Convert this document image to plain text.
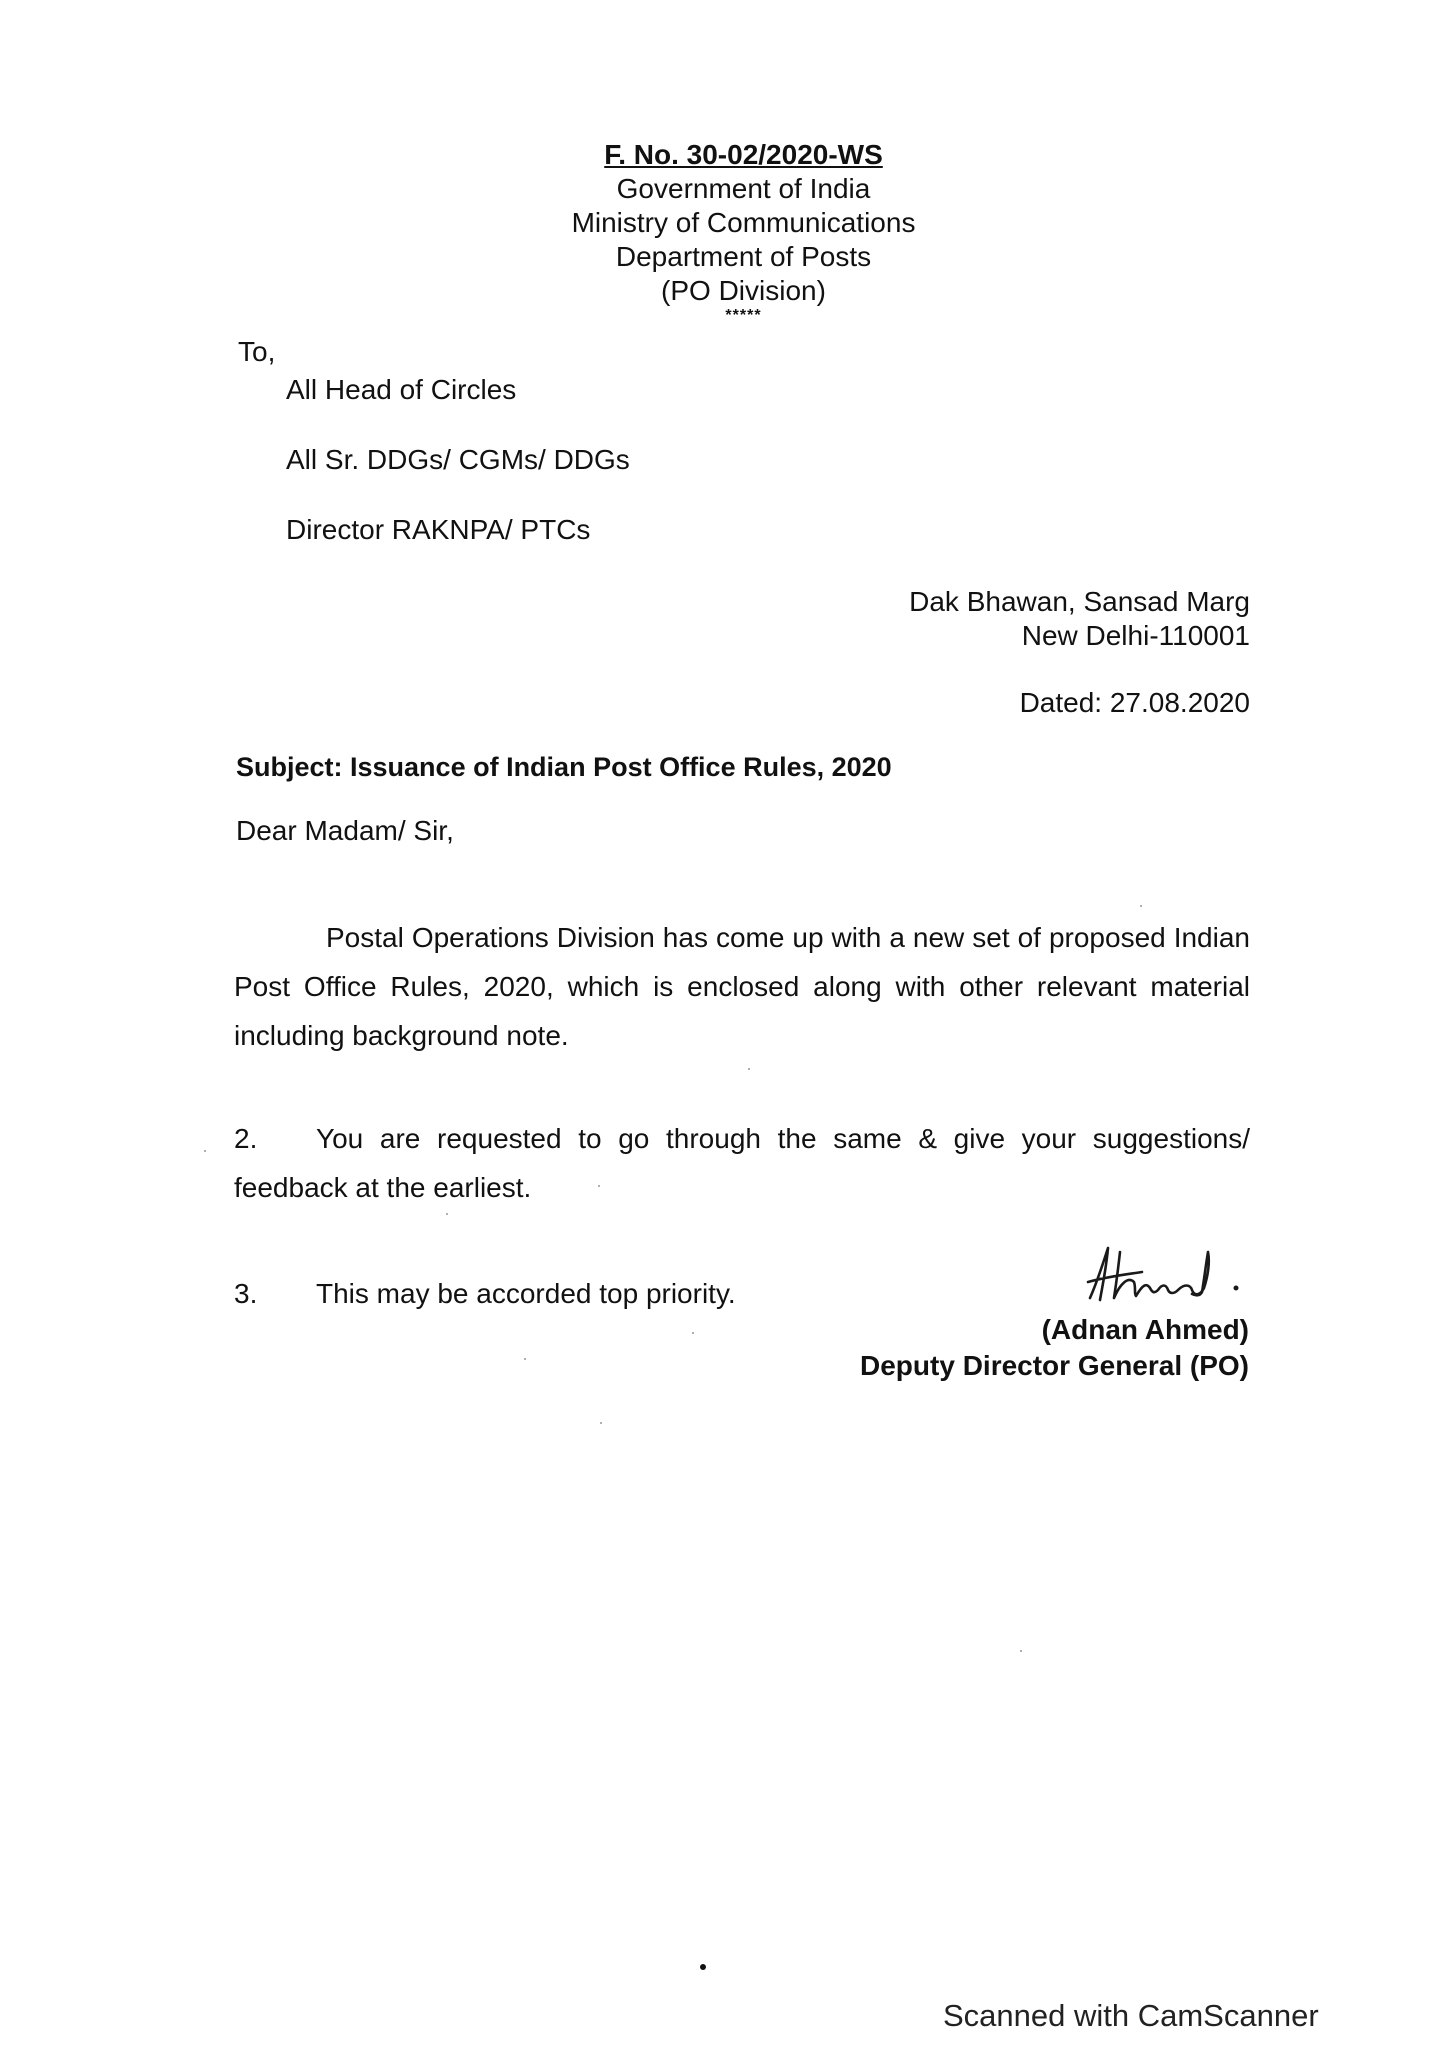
F. No. 30-02/2020-WS
Government of India
Ministry of Communications
Department of Posts
(PO Division)
*****
To,
All Head of Circles
All Sr. DDGs/ CGMs/ DDGs
Director RAKNPA/ PTCs
Dak Bhawan, Sansad Marg
New Delhi-110001
Dated: 27.08.2020
Subject: Issuance of Indian Post Office Rules, 2020
Dear Madam/ Sir,
Postal Operations Division has come up with a new set of proposed Indian Post Office Rules, 2020, which is enclosed along with other relevant material including background note.
2. You are requested to go through the same & give your suggestions/ feedback at the earliest.
3. This may be accorded top priority.
(Adnan Ahmed)
Deputy Director General (PO)
Scanned with CamScanner
